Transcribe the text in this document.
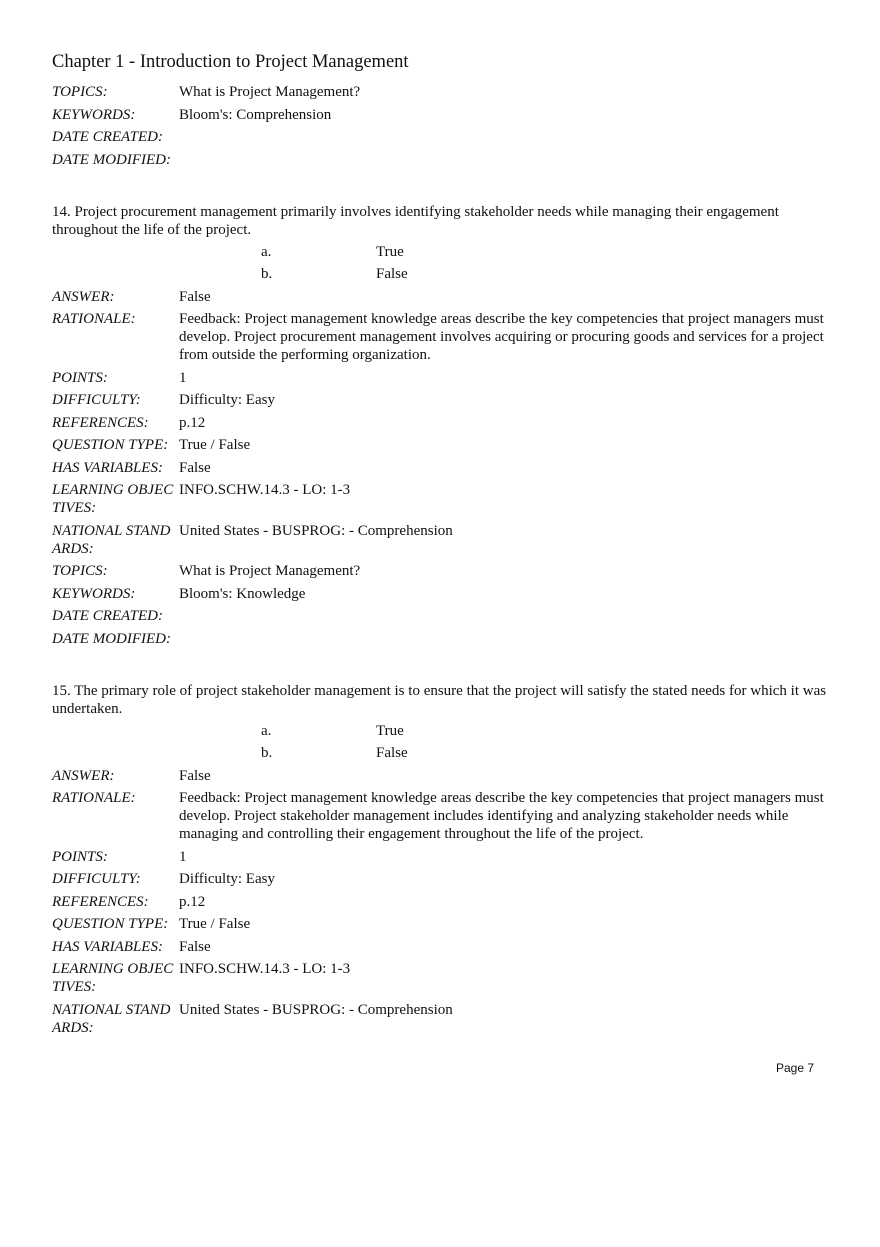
Chapter 1 - Introduction to Project Management
TOPICS:	What is Project Management?
KEYWORDS:	Bloom's: Comprehension
DATE CREATED:
DATE MODIFIED:
14. Project procurement management primarily involves identifying stakeholder needs while managing their engagement throughout the life of the project.
a.	True
b.	False
ANSWER:	False
RATIONALE:	Feedback: Project management knowledge areas describe the key competencies that project managers must develop. Project procurement management involves acquiring or procuring goods and services for a project from outside the performing organization.
POINTS:	1
DIFFICULTY:	Difficulty: Easy
REFERENCES:	p.12
QUESTION TYPE: True / False
HAS VARIABLES:	False
LEARNING OBJECTIVES:
INFO.SCHW.14.3 - LO: 1-3
NATIONAL STANDARDS:
United States - BUSPROG: - Comprehension
TOPICS:	What is Project Management?
KEYWORDS:	Bloom's: Knowledge
DATE CREATED:
DATE MODIFIED:
15. The primary role of project stakeholder management is to ensure that the project will satisfy the stated needs for which it was undertaken.
a.	True
b.	False
ANSWER:	False
RATIONALE:	Feedback: Project management knowledge areas describe the key competencies that project managers must develop. Project stakeholder management includes identifying and analyzing stakeholder needs while managing and controlling their engagement throughout the life of the project.
POINTS:	1
DIFFICULTY:	Difficulty: Easy
REFERENCES:	p.12
QUESTION TYPE: True / False
HAS VARIABLES:	False
LEARNING OBJECTIVES:
INFO.SCHW.14.3 - LO: 1-3
NATIONAL STANDARDS:
United States - BUSPROG: - Comprehension
Page 7
